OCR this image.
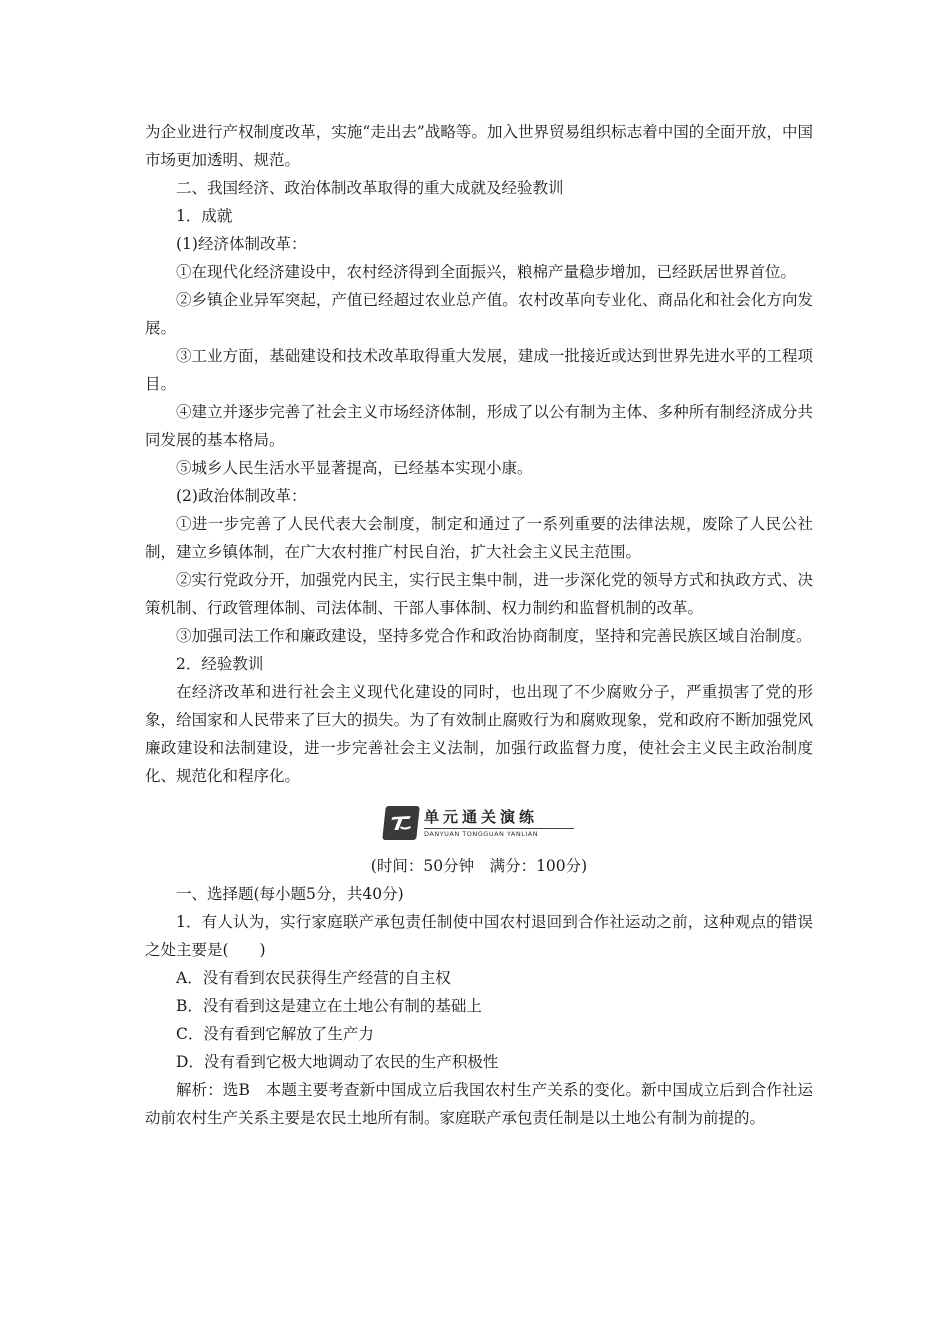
为企业进行产权制度改革，实施“走出去”战略等。加入世界贸易组织标志着中国的全面开放，中国市场更加透明、规范。

二、我国经济、政治体制改革取得的重大成就及经验教训

1．成就

(1)经济体制改革：

①在现代化经济建设中，农村经济得到全面振兴，粮棉产量稳步增加，已经跃居世界首位。

②乡镇企业异军突起，产值已经超过农业总产值。农村改革向专业化、商品化和社会化方向发展。

③工业方面，基础建设和技术改革取得重大发展，建成一批接近或达到世界先进水平的工程项目。

④建立并逐步完善了社会主义市场经济体制，形成了以公有制为主体、多种所有制经济成分共同发展的基本格局。

⑤城乡人民生活水平显著提高，已经基本实现小康。

(2)政治体制改革：

①进一步完善了人民代表大会制度，制定和通过了一系列重要的法律法规，废除了人民公社制，建立乡镇体制，在广大农村推广村民自治，扩大社会主义民主范围。

②实行党政分开，加强党内民主，实行民主集中制，进一步深化党的领导方式和执政方式、决策机制、行政管理体制、司法体制、干部人事体制、权力制约和监督机制的改革。

③加强司法工作和廉政建设，坚持多党合作和政治协商制度，坚持和完善民族区域自治制度。

2．经验教训

在经济改革和进行社会主义现代化建设的同时，也出现了不少腐败分子，严重损害了党的形象，给国家和人民带来了巨大的损失。为了有效制止腐败行为和腐败现象，党和政府不断加强党风廉政建设和法制建设，进一步完善社会主义法制，加强行政监督力度，使社会主义民主政治制度化、规范化和程序化。

单元通关演练
DANYUAN TONGGUAN YANLIAN

(时间：50分钟　满分：100分)

一、选择题(每小题5分，共40分)

1．有人认为，实行家庭联产承包责任制使中国农村退回到合作社运动之前，这种观点的错误之处主要是(　　)

A．没有看到农民获得生产经营的自主权

B．没有看到这是建立在土地公有制的基础上

C．没有看到它解放了生产力

D．没有看到它极大地调动了农民的生产积极性

解析：选B　本题主要考查新中国成立后我国农村生产关系的变化。新中国成立后到合作社运动前农村生产关系主要是农民土地所有制。家庭联产承包责任制是以土地公有制为前提的。
